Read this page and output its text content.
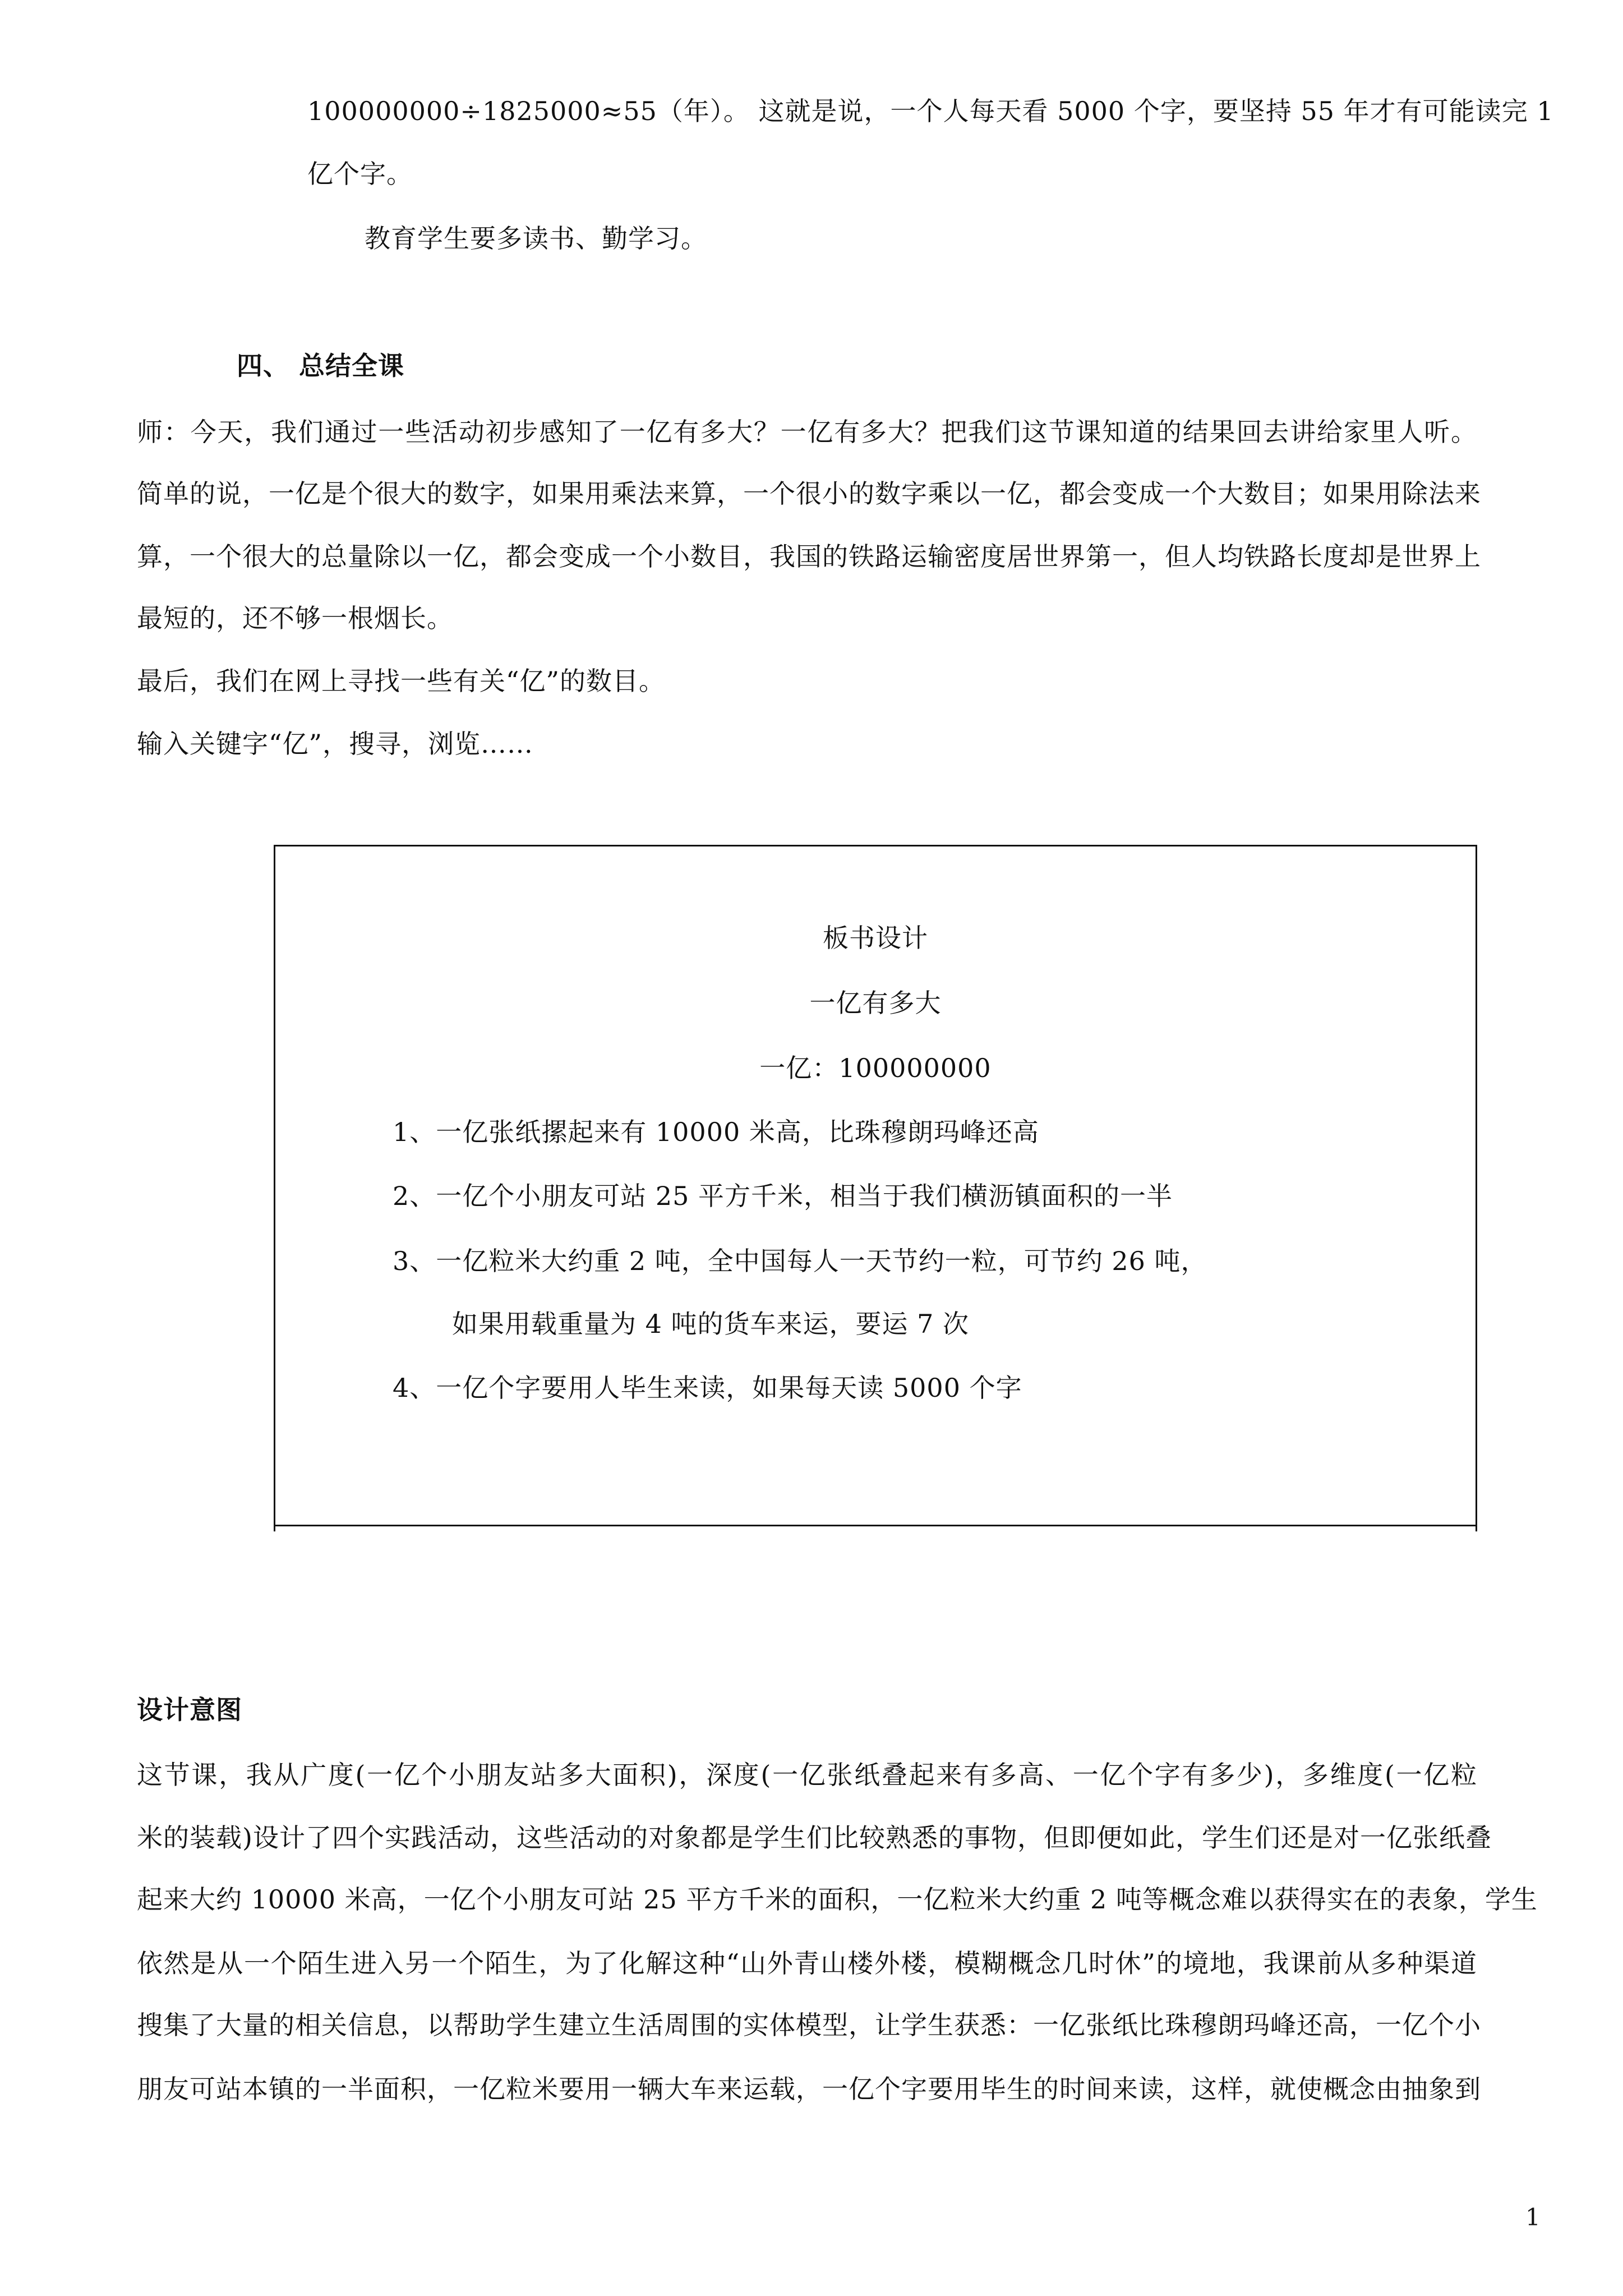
100000000÷1825000≈55（年）。 这就是说，一个人每天看 5000 个字，要坚持 55 年才有可能读完 1
亿个字。
教育学生要多读书、勤学习。
四、 总结全课
师：今天，我们通过一些活动初步感知了一亿有多大？一亿有多大？把我们这节课知道的结果回去讲给家里人听。
简单的说，一亿是个很大的数字，如果用乘法来算，一个很小的数字乘以一亿，都会变成一个大数目；如果用除法来
算，一个很大的总量除以一亿，都会变成一个小数目，我国的铁路运输密度居世界第一，但人均铁路长度却是世界上
最短的，还不够一根烟长。
最后，我们在网上寻找一些有关“亿”的数目。
输入关键字“亿”，搜寻，浏览……
板书设计
一亿有多大
一亿：100000000
1、一亿张纸摞起来有 10000 米高，比珠穆朗玛峰还高
2、一亿个小朋友可站 25 平方千米，相当于我们横沥镇面积的一半
3、一亿粒米大约重 2 吨，全中国每人一天节约一粒，可节约 26 吨，
如果用载重量为 4 吨的货车来运，要运 7 次
4、一亿个字要用人毕生来读，如果每天读 5000 个字
设计意图
这节课，我从广度(一亿个小朋友站多大面积)，深度(一亿张纸叠起来有多高、一亿个字有多少)，多维度(一亿粒
米的装载)设计了四个实践活动，这些活动的对象都是学生们比较熟悉的事物，但即便如此，学生们还是对一亿张纸叠
起来大约 10000 米高，一亿个小朋友可站 25 平方千米的面积，一亿粒米大约重 2 吨等概念难以获得实在的表象，学生
依然是从一个陌生进入另一个陌生，为了化解这种“山外青山楼外楼，模糊概念几时休”的境地，我课前从多种渠道
搜集了大量的相关信息，以帮助学生建立生活周围的实体模型，让学生获悉：一亿张纸比珠穆朗玛峰还高，一亿个小
朋友可站本镇的一半面积，一亿粒米要用一辆大车来运载，一亿个字要用毕生的时间来读，这样，就使概念由抽象到
1
